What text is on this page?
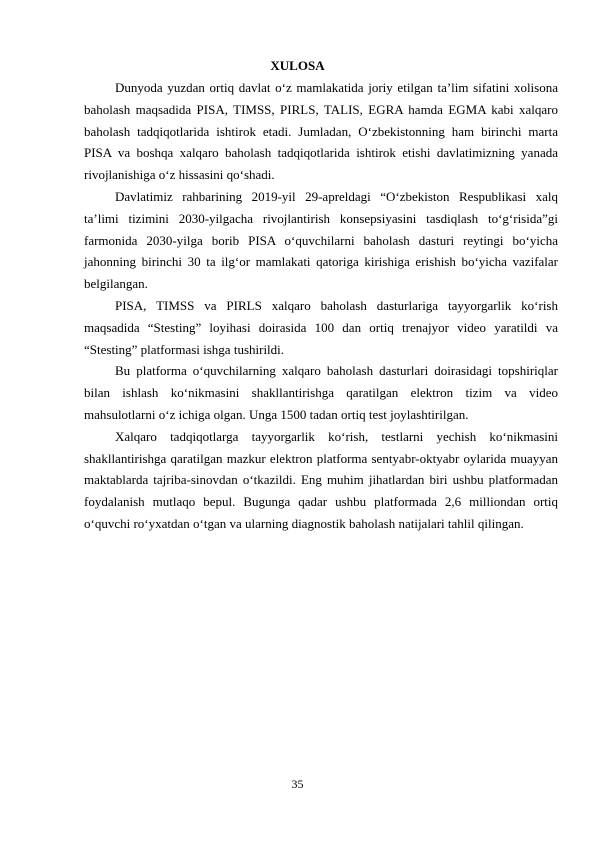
XULOSA

Dunyoda yuzdan ortiq davlat oʻz mamlakatida joriy etilgan taʼlim sifatini xolisona baholash maqsadida PISA, TIMSS, PIRLS, TALIS, EGRA hamda EGMA kabi xalqaro baholash tadqiqotlarida ishtirok etadi. Jumladan, Oʻzbekistonning ham birinchi marta PISA va boshqa xalqaro baholash tadqiqotlarida ishtirok etishi davlatimizning yanada rivojlanishiga o‘z hissasini qo‘shadi.

Davlatimiz rahbarining 2019-yil 29-apreldagi “Oʻzbekiston Respublikasi xalq taʼlimi tizimini 2030-yilgacha rivojlantirish konsepsiyasini tasdiqlash toʻgʻrisida”gi farmonida 2030-yilga borib PISA oʻquvchilarni baholash dasturi reytingi boʻyicha jahonning birinchi 30 ta ilgʻor mamlakati qatoriga kirishiga erishish boʻyicha vazifalar belgilangan.

PISA, TIMSS va PIRLS xalqaro baholash dasturlariga tayyorgarlik koʻrish maqsadida “Stesting” loyihasi doirasida 100 dan ortiq trenajyor video yaratildi va “Stesting” platformasi ishga tushirildi.

Bu platforma oʻquvchilarning xalqaro baholash dasturlari doirasidagi topshiriqlar bilan ishlash koʻnikmasini shakllantirishga qaratilgan elektron tizim va video mahsulotlarni oʻz ichiga olgan. Unga 1500 tadan ortiq test joylashtirilgan.

Xalqaro tadqiqotlarga tayyorgarlik koʻrish, testlarni yechish koʻnikmasini shakllantirishga qaratilgan mazkur elektron platforma sentyabr-oktyabr oylarida muayyan maktablarda tajriba-sinovdan oʻtkazildi. Eng muhim jihatlardan biri ushbu platformadan foydalanish mutlaqo bepul. Bugunga qadar ushbu platformada 2,6 milliondan ortiq oʻquvchi roʻyxatdan oʻtgan va ularning diagnostik baholash natijalari tahlil qilingan.

35
